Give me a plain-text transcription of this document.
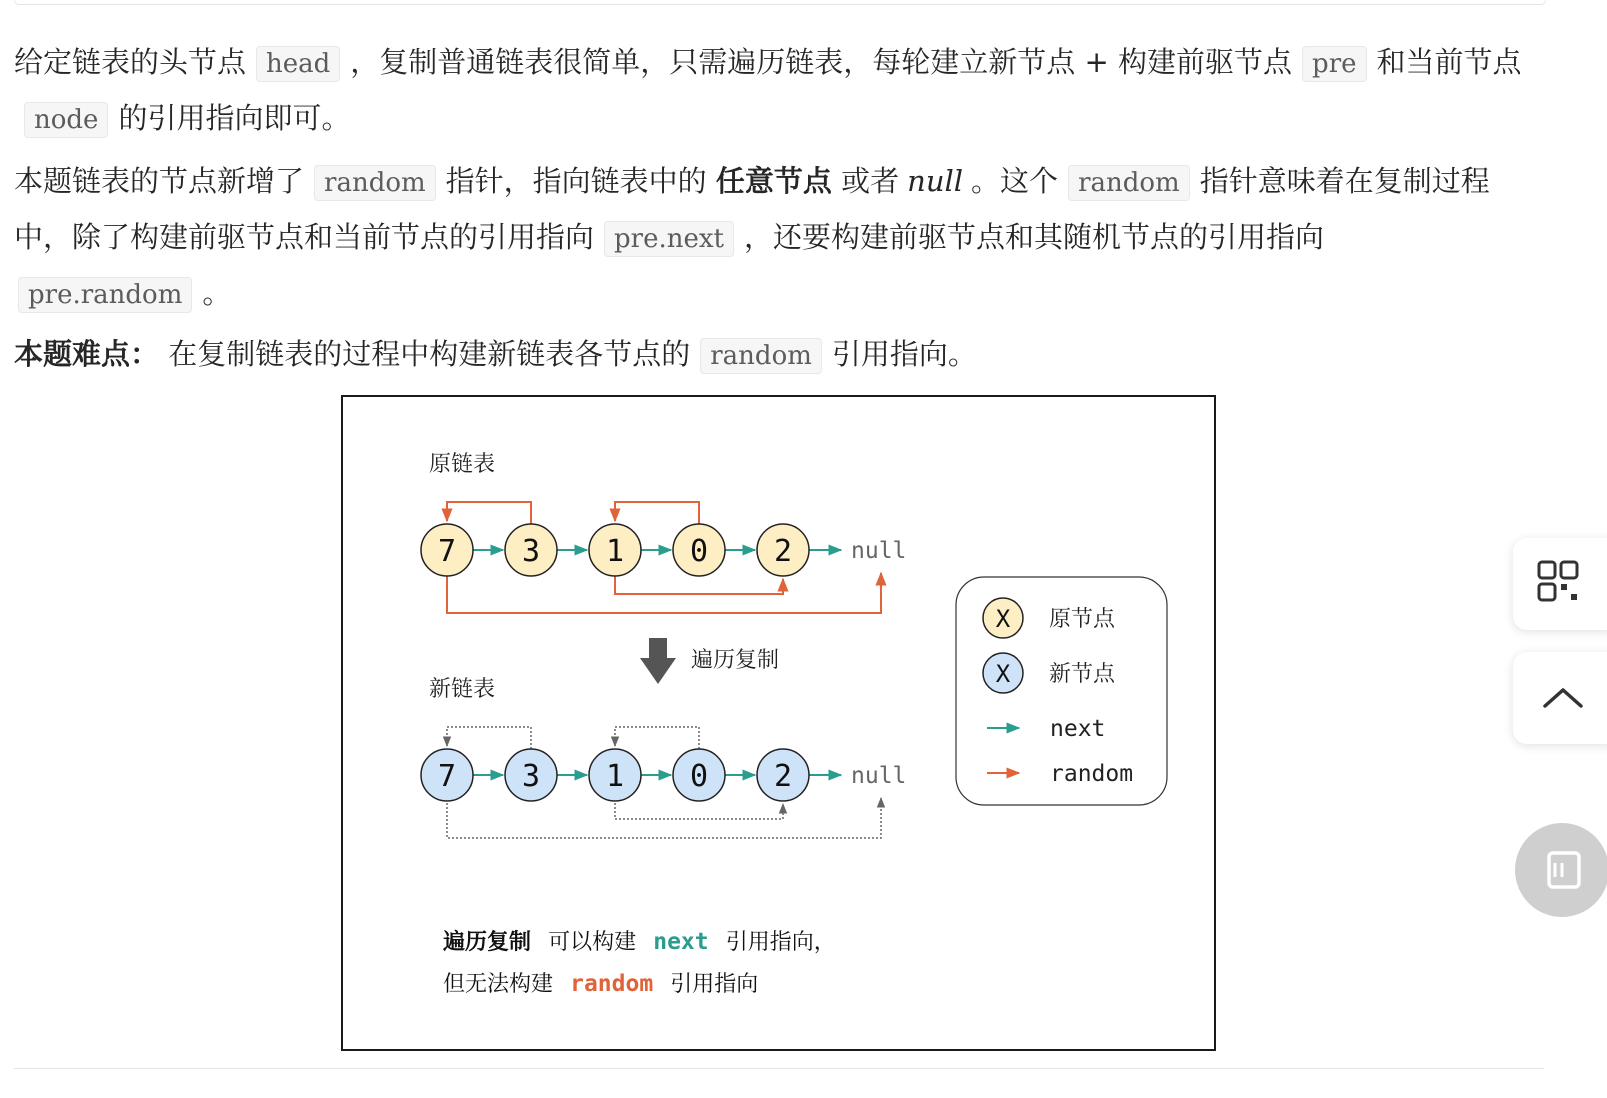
给定链表的头节点 head ，复制普通链表很简单，只需遍历链表，每轮建立新节点 + 构建前驱节点 pre 和当前节点node 的引用指向即可。

本题链表的节点新增了 random 指针，指向链表中的 任意节点 或者 null 。这个 random 指针意味着在复制过程中，除了构建前驱节点和当前节点的引用指向 pre.next ，还要构建前驱节点和其随机节点的引用指向
pre.random 。

本题难点： 在复制链表的过程中构建新链表各节点的 random 引用指向。

原链表
7 3 1 0 2	null
遍历复制
新链表
7 3 1 0 2	null
X 原节点
X 新节点
next
random
遍历复制 可以构建 next 引用指向，
但无法构建 random 引用指向
